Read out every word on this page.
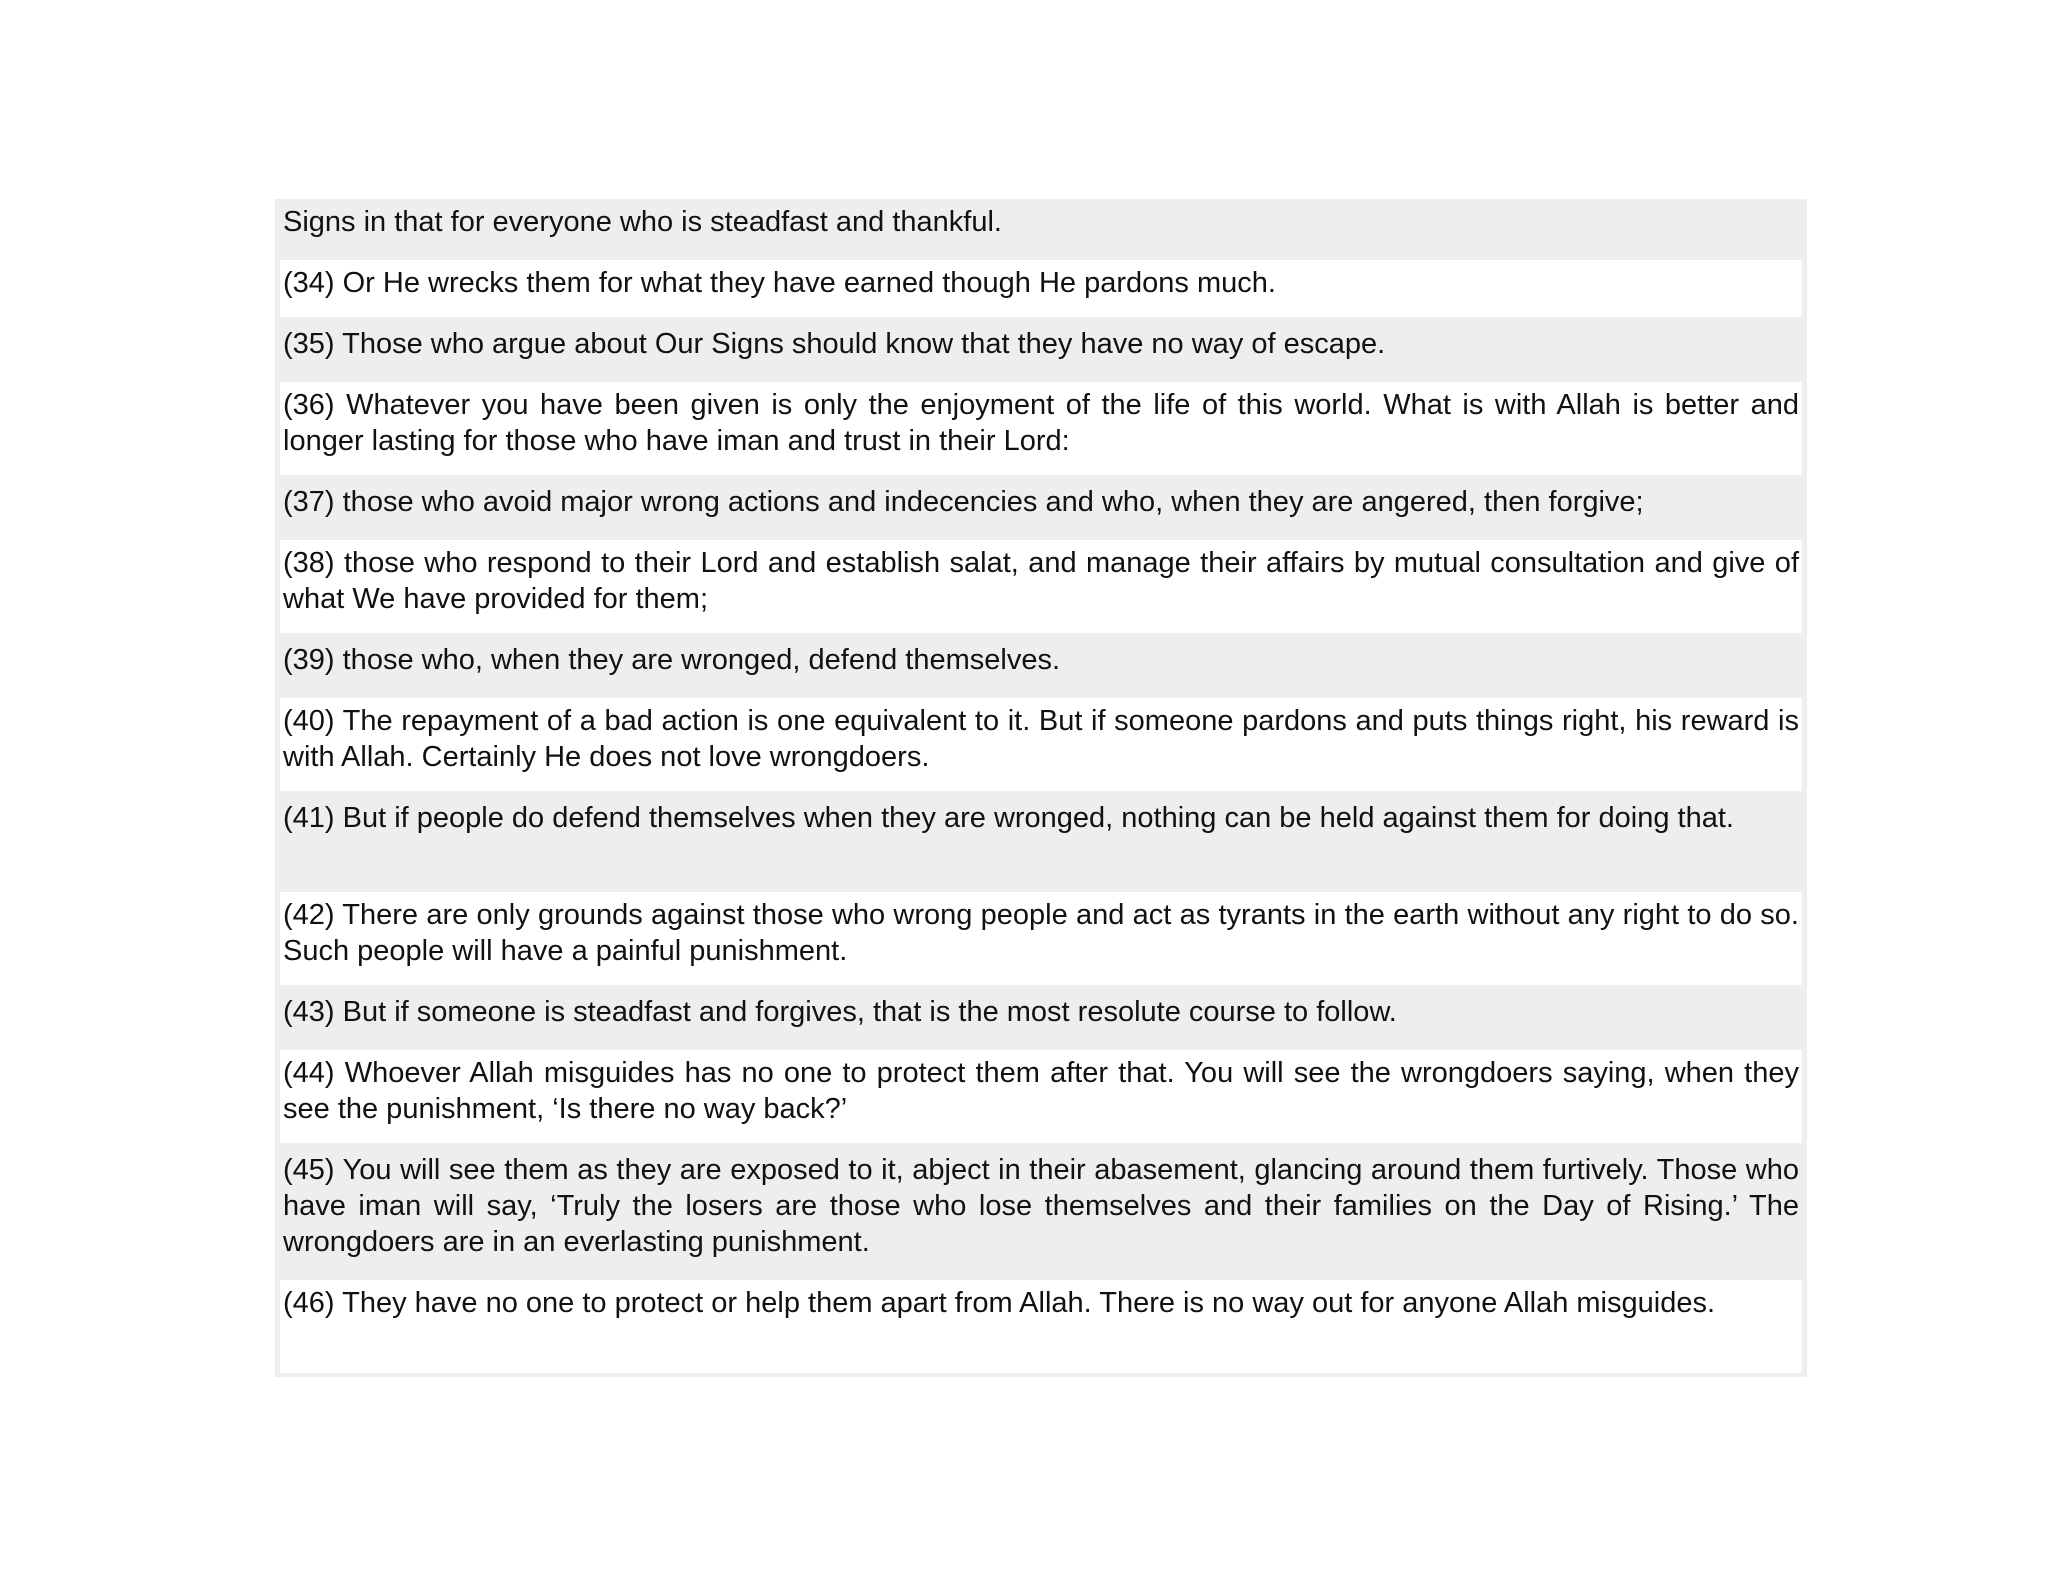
Signs in that for everyone who is steadfast and thankful.
(34) Or He wrecks them for what they have earned though He pardons much.
(35) Those who argue about Our Signs should know that they have no way of escape.
(36) Whatever you have been given is only the enjoyment of the life of this world. What is with Allah is better and longer lasting for those who have iman and trust in their Lord:
(37) those who avoid major wrong actions and indecencies and who, when they are angered, then forgive;
(38) those who respond to their Lord and establish salat, and manage their affairs by mutual consultation and give of what We have provided for them;
(39) those who, when they are wronged, defend themselves.
(40) The repayment of a bad action is one equivalent to it. But if someone pardons and puts things right, his reward is with Allah. Certainly He does not love wrongdoers.
(41) But if people do defend themselves when they are wronged, nothing can be held against them for doing that.
(42) There are only grounds against those who wrong people and act as tyrants in the earth without any right to do so. Such people will have a painful punishment.
(43) But if someone is steadfast and forgives, that is the most resolute course to follow.
(44) Whoever Allah misguides has no one to protect them after that. You will see the wrongdoers saying, when they see the punishment, ‘Is there no way back?’
(45) You will see them as they are exposed to it, abject in their abasement, glancing around them furtively. Those who have iman will say, ‘Truly the losers are those who lose themselves and their families on the Day of Rising.’ The wrongdoers are in an everlasting punishment.
(46) They have no one to protect or help them apart from Allah. There is no way out for anyone Allah misguides.
